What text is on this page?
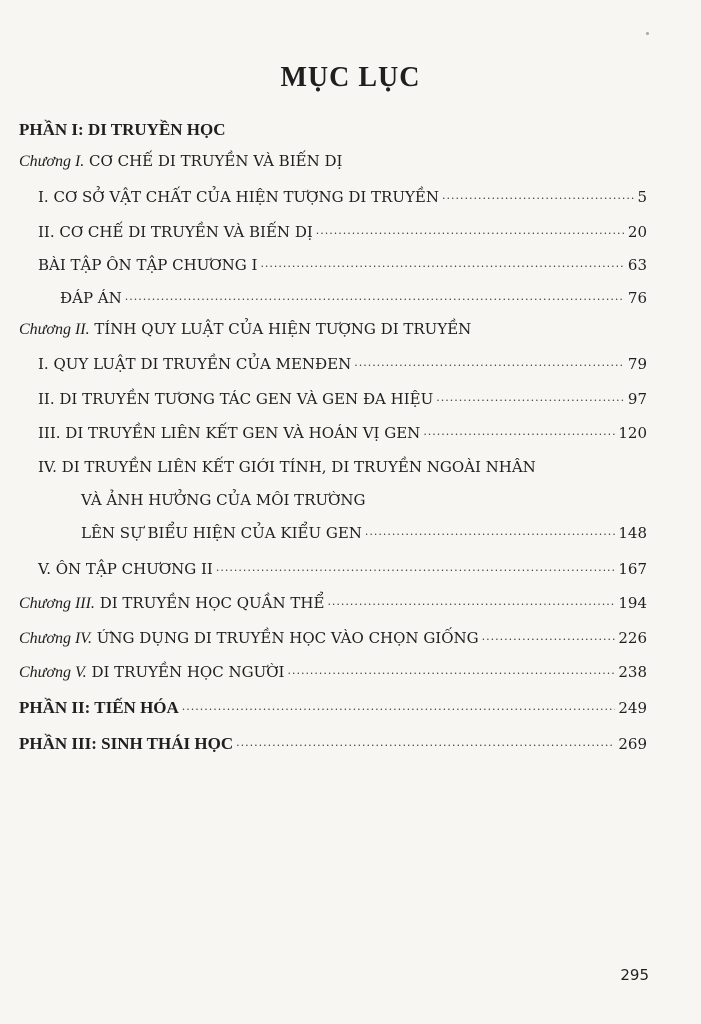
MỤC LỤC
PHẦN I: DI TRUYỀN HỌC
Chương I.
CƠ CHẾ DI TRUYỀN VÀ BIẾN DỊ
I. CƠ SỞ VẬT CHẤT CỦA HIỆN TƯỢNG DI TRUYỀN .....	5
II. CƠ CHẾ DI TRUYỀN VÀ BIẾN DỊ .....	20
BÀI TẬP ÔN TẬP CHƯƠNG I .....	63
ĐÁP ÁN .....	76
Chương II.
TÍNH QUY LUẬT CỦA HIỆN TƯỢNG DI TRUYỀN
I. QUY LUẬT DI TRUYỀN CỦA MENĐEN .....	79
II. DI TRUYỀN TƯƠNG TÁC GEN VÀ GEN ĐA HIỆU .....	97
III. DI TRUYỀN LIÊN KẾT GEN VÀ HOÁN VỊ GEN .....	120
IV. DI TRUYỀN LIÊN KẾT GIỚI TÍNH, DI TRUYỀN NGOÀI NHÂN
VÀ ẢNH HƯỞNG CỦA MÔI TRƯỜNG
LÊN SỰ BIỂU HIỆN CỦA KIỂU GEN .....	148
V. ÔN TẬP CHƯƠNG II .....	167
Chương III. DI TRUYỀN HỌC QUẦN THỂ .....	194
Chương IV. ỨNG DỤNG DI TRUYỀN HỌC VÀO CHỌN GIỐNG .....	226
Chương V. DI TRUYỀN HỌC NGƯỜI .....	238
PHẦN II: TIẾN HÓA .....	249
PHẦN III: SINH THÁI HỌC .....	269
295
